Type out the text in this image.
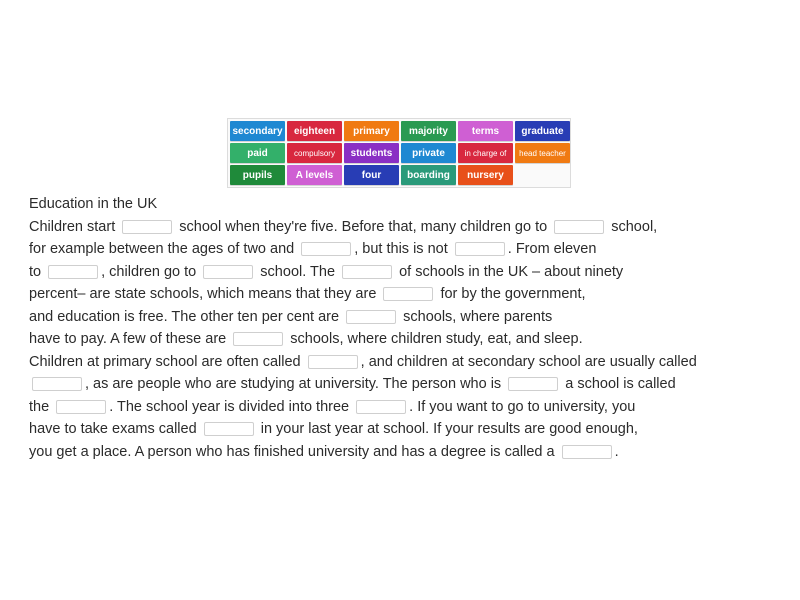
secondary	eighteen	primary	majority	terms	graduate
paid	compulsory	students	private	in charge of	head teacher
pupils	A levels	four	boarding	nursery
Education in the UK
Children start	school when they're five. Before that, many children go to	school,
for example between the ages of two and	, but this is not	. From eleven
to	, children go to	school. The	of schools in the UK – about ninety
percent– are state schools, which means that they are	for by the government,
and education is free. The other ten per cent are	schools, where parents
have to pay. A few of these are	schools, where children study, eat, and sleep.
Children at primary school are often called	, and children at secondary school are usually called
, as are people who are studying at university. The person who is	a school is called
the	. The school year is divided into three	. If you want to go to university, you
have to take exams called	in your last year at school. If your results are good enough,
you get a place. A person who has finished university and has a degree is called a	.
